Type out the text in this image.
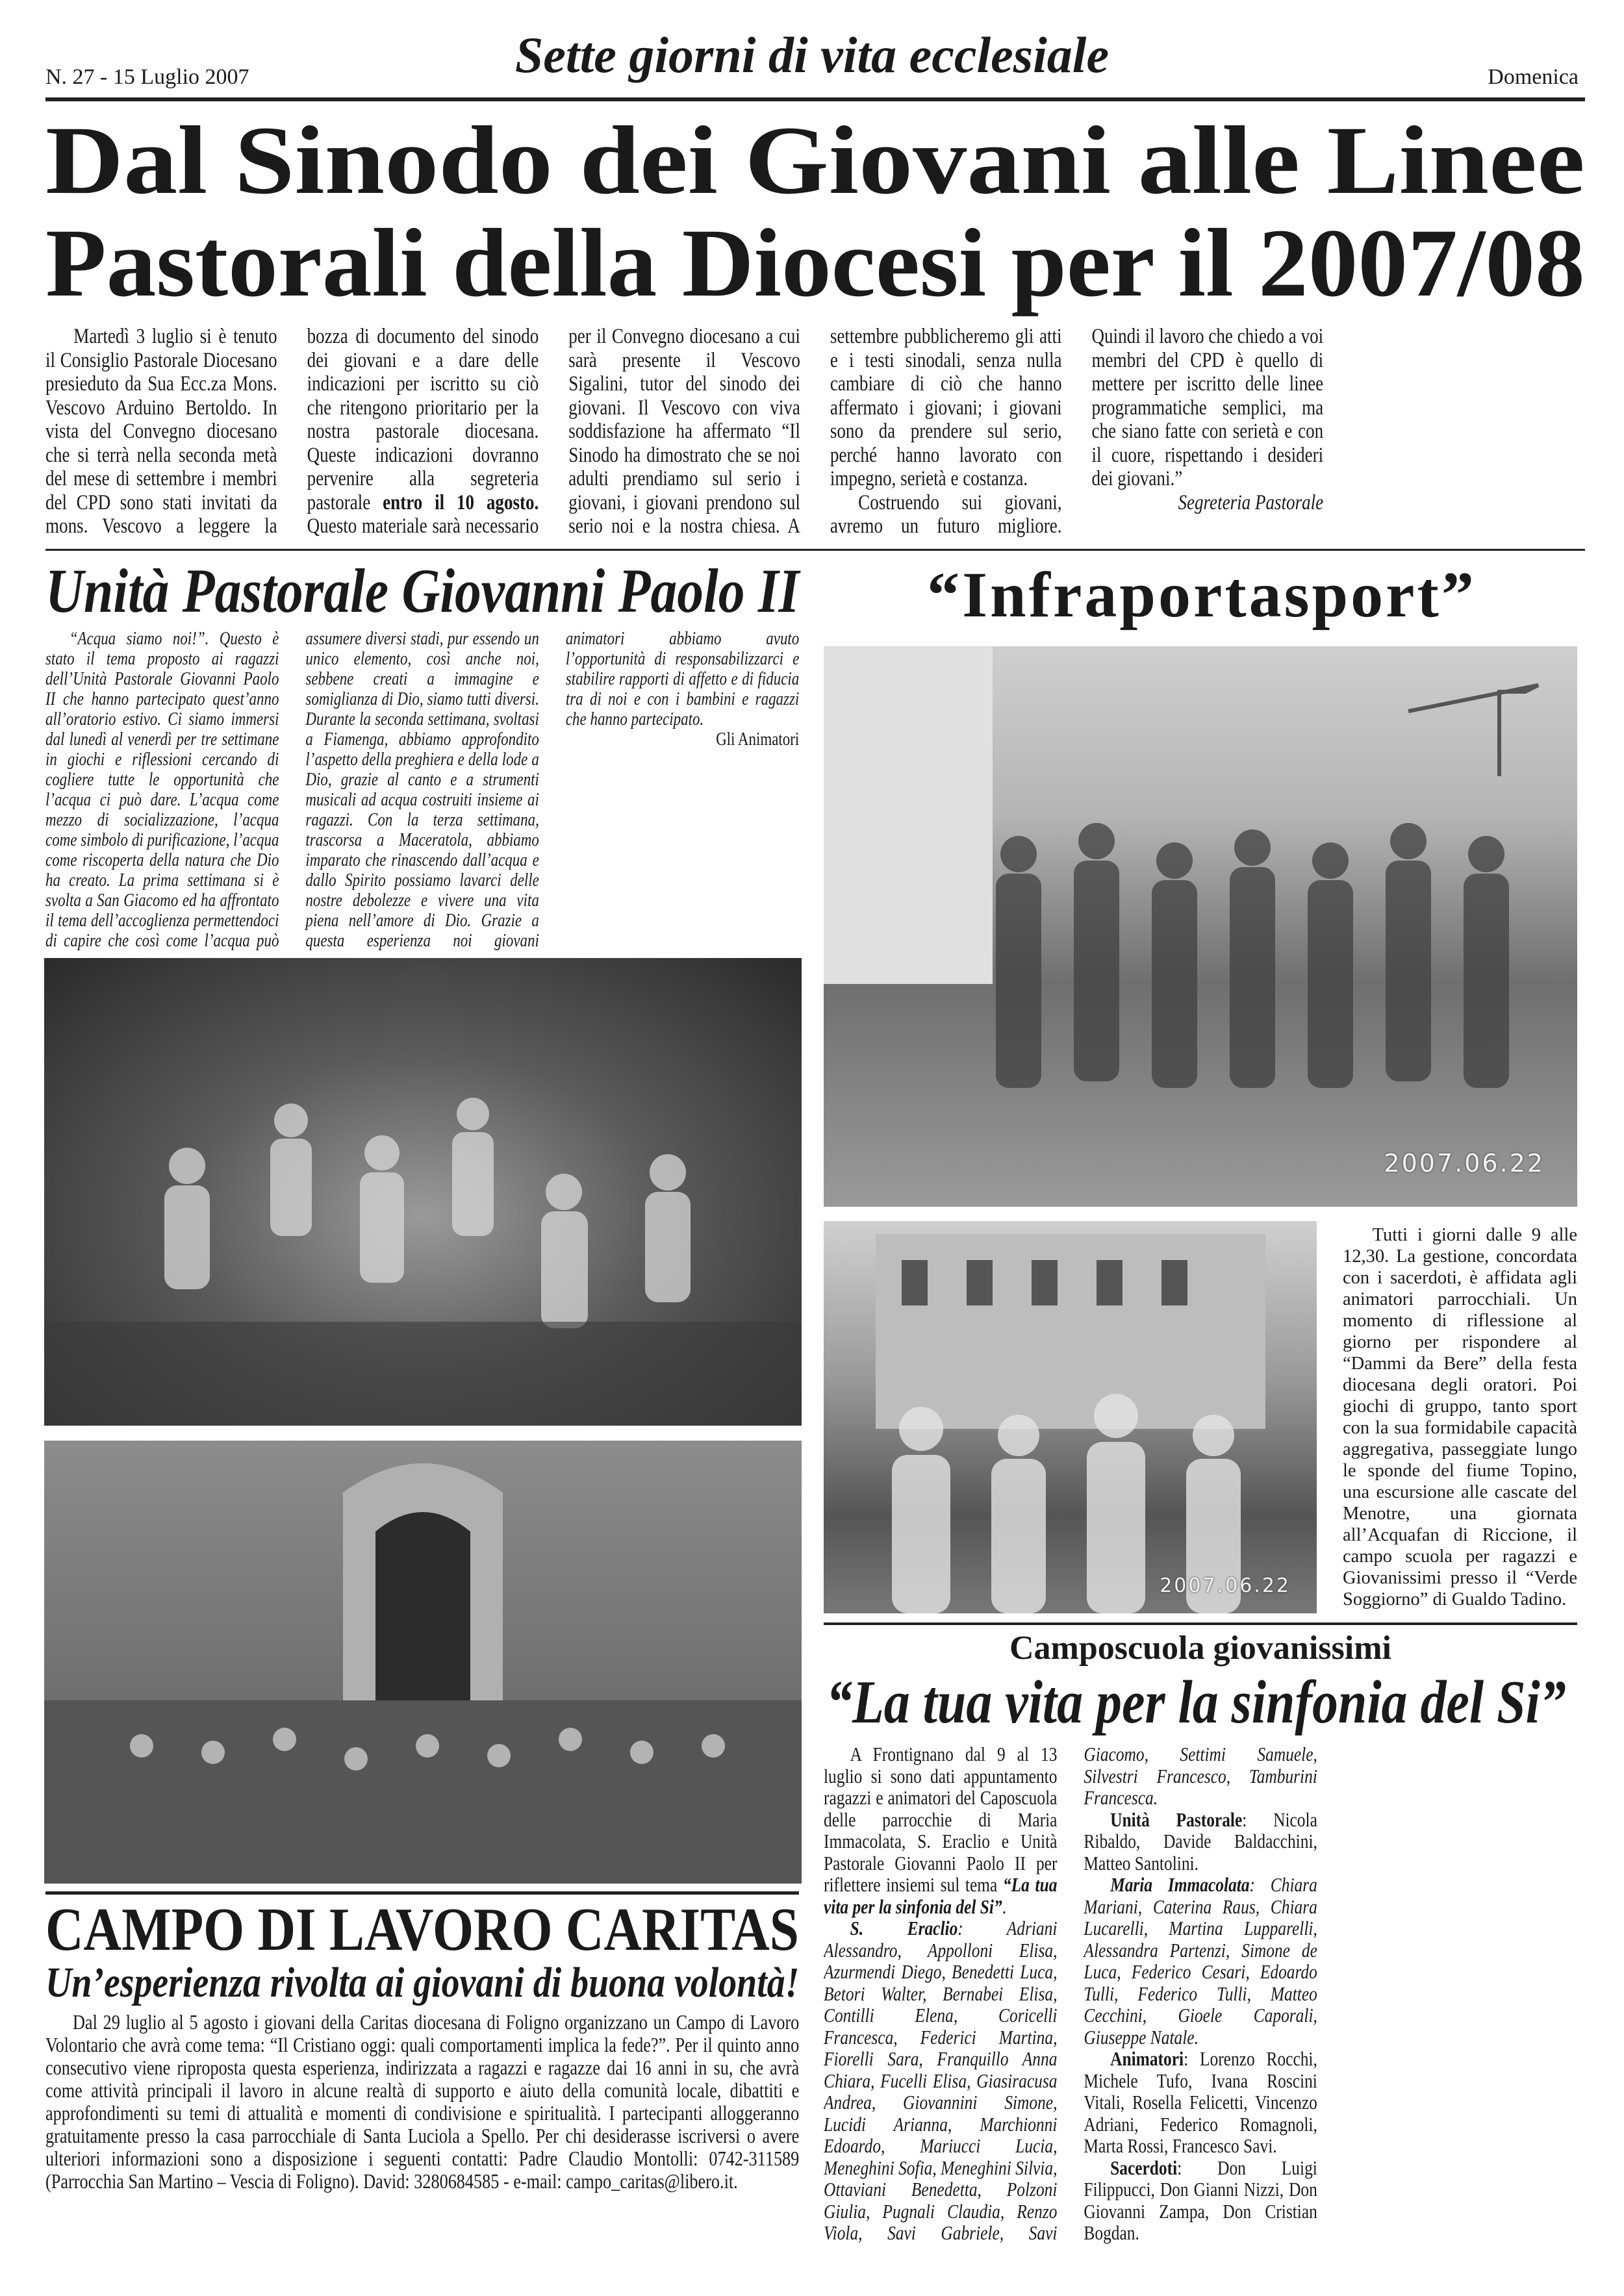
N. 27 - 15 Luglio 2007	Sette giorni di vita ecclesiale	Domenica
Dal Sinodo dei Giovani alle Linee
Pastorali della Diocesi per il 2007/08

Martedì 3 luglio si è tenuto il Consiglio Pastorale Diocesano presieduto da Sua Ecc.za Mons. Vescovo Arduino Bertoldo. In vista del Convegno diocesano che si terrà nella seconda metà del mese di settembre i membri del CPD sono stati invitati da mons. Vescovo a leggere la bozza di documento del sinodo dei giovani e a dare delle indicazioni per iscritto su ciò che ritengono prioritario per la nostra pastorale diocesana. Queste indicazioni dovranno pervenire alla segreteria pastorale entro il 10 agosto. Questo materiale sarà necessario per il Convegno diocesano a cui sarà presente il Vescovo Sigalini, tutor del sinodo dei giovani. Il Vescovo con viva soddisfazione ha affermato “Il Sinodo ha dimostrato che se noi adulti prendiamo sul serio i giovani, i giovani prendono sul serio noi e la nostra chiesa. A settembre pubblicheremo gli atti e i testi sinodali, senza nulla cambiare di ciò che hanno affermato i giovani; i giovani sono da prendere sul serio, perché hanno lavorato con impegno, serietà e costanza.

Costruendo sui giovani, avremo un futuro migliore. Quindi il lavoro che chiedo a voi membri del CPD è quello di mettere per iscritto delle linee programmatiche semplici, ma che siano fatte con serietà e con il cuore, rispettando i desideri dei giovani.”

Segreteria Pastorale

Unità Pastorale Giovanni Paolo II

“Acqua siamo noi!”. Questo è stato il tema proposto ai ragazzi dell’Unità Pastorale Giovanni Paolo II che hanno partecipato quest’anno all’oratorio estivo. Ci siamo immersi dal lunedì al venerdì per tre settimane in giochi e riflessioni cercando di cogliere tutte le opportunità che l’acqua ci può dare. L’acqua come mezzo di socializzazione, l’acqua come simbolo di purificazione, l’acqua come riscoperta della natura che Dio ha creato. La prima settimana si è svolta a San Giacomo ed ha affrontato il tema dell’accoglienza permettendoci di capire che così come l’acqua può assumere diversi stadi, pur essendo un unico elemento, così anche noi, sebbene creati a immagine e somiglianza di Dio, siamo tutti diversi. Durante la seconda settimana, svoltasi a Fiamenga, abbiamo approfondito l’aspetto della preghiera e della lode a Dio, grazie al canto e a strumenti musicali ad acqua costruiti insieme ai ragazzi. Con la terza settimana, trascorsa a Maceratola, abbiamo imparato che rinascendo dall’acqua e dallo Spirito possiamo lavarci delle nostre debolezze e vivere una vita piena nell’amore di Dio. Grazie a questa esperienza noi giovani animatori abbiamo avuto l’opportunità di responsabilizzarci e stabilire rapporti di affetto e di fiducia tra di noi e con i bambini e ragazzi che hanno partecipato.

Gli Animatori

CAMPO DI LAVORO CARITAS
Un’esperienza rivolta ai giovani di buona volontà!

Dal 29 luglio al 5 agosto i giovani della Caritas diocesana di Foligno organizzano un Campo di Lavoro Volontario che avrà come tema: “Il Cristiano oggi: quali comportamenti implica la fede?”. Per il quinto anno consecutivo viene riproposta questa esperienza, indirizzata a ragazzi e ragazze dai 16 anni in su, che avrà come attività principali il lavoro in alcune realtà di supporto e aiuto della comunità locale, dibattiti e approfondimenti su temi di attualità e momenti di condivisione e spiritualità. I partecipanti alloggeranno gratuitamente presso la casa parrocchiale di Santa Luciola a Spello. Per chi desiderasse iscriversi o avere ulteriori informazioni sono a disposizione i seguenti contatti: Padre Claudio Montolli: 0742-311589 (Parrocchia San Martino – Vescia di Foligno). David: 3280684585 - e-mail: campo_caritas@libero.it.

“Infraportasport”
2007.06.22
2007.06.22

Tutti i giorni dalle 9 alle 12,30. La gestione, concordata con i sacerdoti, è affidata agli animatori parrocchiali. Un momento di riflessione al giorno per rispondere al “Dammi da Bere” della festa diocesana degli oratori. Poi giochi di gruppo, tanto sport con la sua formidabile capacità aggregativa, passeggiate lungo le sponde del fiume Topino, una escursione alle cascate del Menotre, una giornata all’Acquafan di Riccione, il campo scuola per ragazzi e Giovanissimi presso il “Verde Soggiorno” di Gualdo Tadino.

Camposcuola giovanissimi
“La tua vita per la sinfonia del Si”

A Frontignano dal 9 al 13 luglio si sono dati appuntamento ragazzi e animatori del Caposcuola delle parrocchie di Maria Immacolata, S. Eraclio e Unità Pastorale Giovanni Paolo II per riflettere insiemi sul tema “La tua vita per la sinfonia del Si”.

S. Eraclio: Adriani Alessandro, Appolloni Elisa, Azurmendi Diego, Benedetti Luca, Betori Walter, Bernabei Elisa, Contilli Elena, Coricelli Francesca, Federici Martina, Fiorelli Sara, Franquillo Anna Chiara, Fucelli Elisa, Giasiracusa Andrea, Giovannini Simone, Lucidi Arianna, Marchionni Edoardo, Mariucci Lucia, Meneghini Sofia, Meneghini Silvia, Ottaviani Benedetta, Polzoni Giulia, Pugnali Claudia, Renzo Viola, Savi Gabriele, Savi Giacomo, Settimi Samuele, Silvestri Francesco, Tamburini Francesca.

Unità Pastorale: Nicola Ribaldo, Davide Baldacchini, Matteo Santolini.

Maria Immacolata: Chiara Mariani, Caterina Raus, Chiara Lucarelli, Martina Lupparelli, Alessandra Partenzi, Simone de Luca, Federico Cesari, Edoardo Tulli, Federico Tulli, Matteo Cecchini, Gioele Caporali, Giuseppe Natale.

Animatori: Lorenzo Rocchi, Michele Tufo, Ivana Roscini Vitali, Rosella Felicetti, Vincenzo Adriani, Federico Romagnoli, Marta Rossi, Francesco Savi.

Sacerdoti: Don Luigi Filippucci, Don Gianni Nizzi, Don Giovanni Zampa, Don Cristian Bogdan.
